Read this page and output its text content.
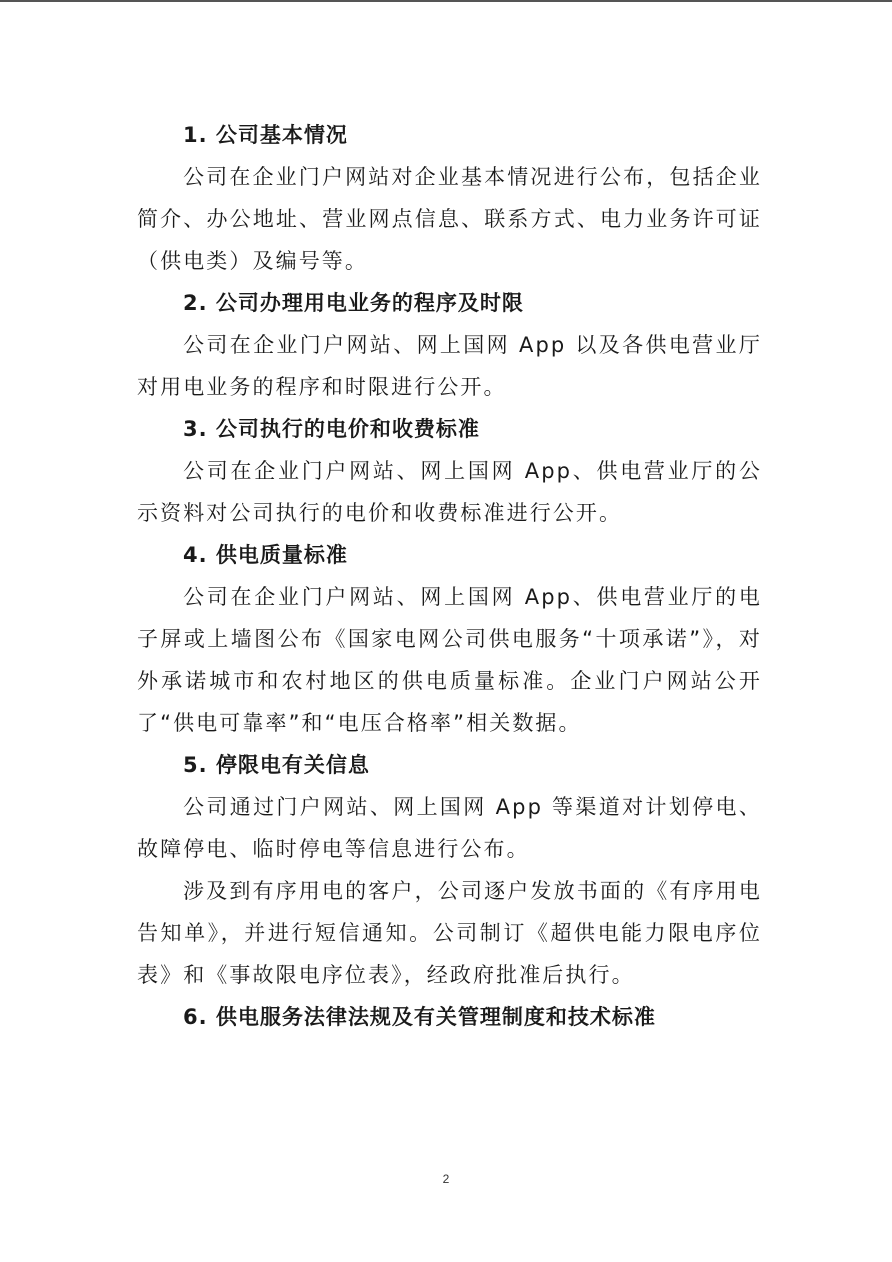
1. 公司基本情况
公司在企业门户网站对企业基本情况进行公布，包括企业简介、办公地址、营业网点信息、联系方式、电力业务许可证（供电类）及编号等。
2. 公司办理用电业务的程序及时限
公司在企业门户网站、网上国网 App 以及各供电营业厅对用电业务的程序和时限进行公开。
3. 公司执行的电价和收费标准
公司在企业门户网站、网上国网 App、供电营业厅的公示资料对公司执行的电价和收费标准进行公开。
4. 供电质量标准
公司在企业门户网站、网上国网 App、供电营业厅的电子屏或上墙图公布《国家电网公司供电服务“十项承诺”》，对外承诺城市和农村地区的供电质量标准。企业门户网站公开了“供电可靠率”和“电压合格率”相关数据。
5. 停限电有关信息
公司通过门户网站、网上国网 App 等渠道对计划停电、故障停电、临时停电等信息进行公布。
涉及到有序用电的客户，公司逐户发放书面的《有序用电告知单》，并进行短信通知。公司制订《超供电能力限电序位表》和《事故限电序位表》，经政府批准后执行。
6. 供电服务法律法规及有关管理制度和技术标准
2
